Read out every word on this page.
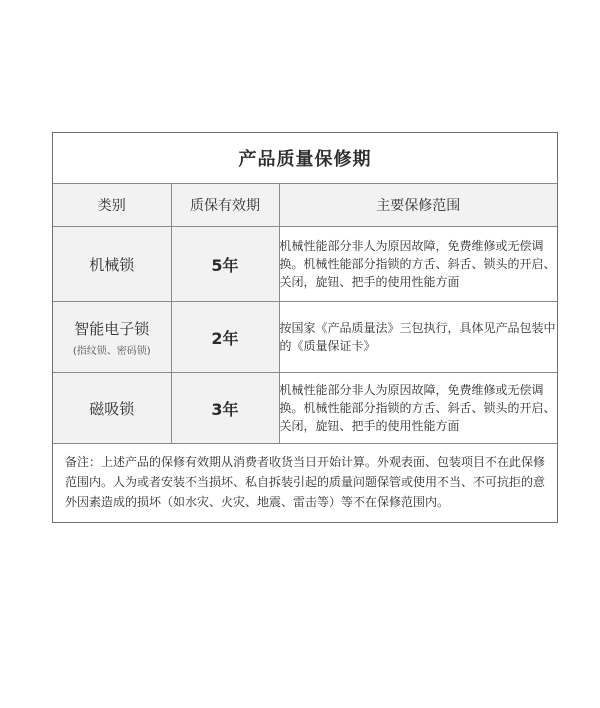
产品质量保修期
类别	质保有效期	主要保修范围
机械锁	5年	机械性能部分非人为原因故障，免费维修或无偿调换。机械性能部分指锁的方舌、斜舌、锁头的开启、关闭，旋钮、把手的使用性能方面
智能电子锁
(指纹锁、密码锁)	2年	按国家《产品质量法》三包执行，具体见产品包装中的《质量保证卡》
磁吸锁	3年	机械性能部分非人为原因故障，免费维修或无偿调换。机械性能部分指锁的方舌、斜舌、锁头的开启、关闭，旋钮、把手的使用性能方面
备注：上述产品的保修有效期从消费者收货当日开始计算。外观表面、包装项目不在此保修范围内。人为或者安装不当损坏、私自拆装引起的质量问题保管或使用不当、不可抗拒的意外因素造成的损坏（如水灾、火灾、地震、雷击等）等不在保修范围内。
